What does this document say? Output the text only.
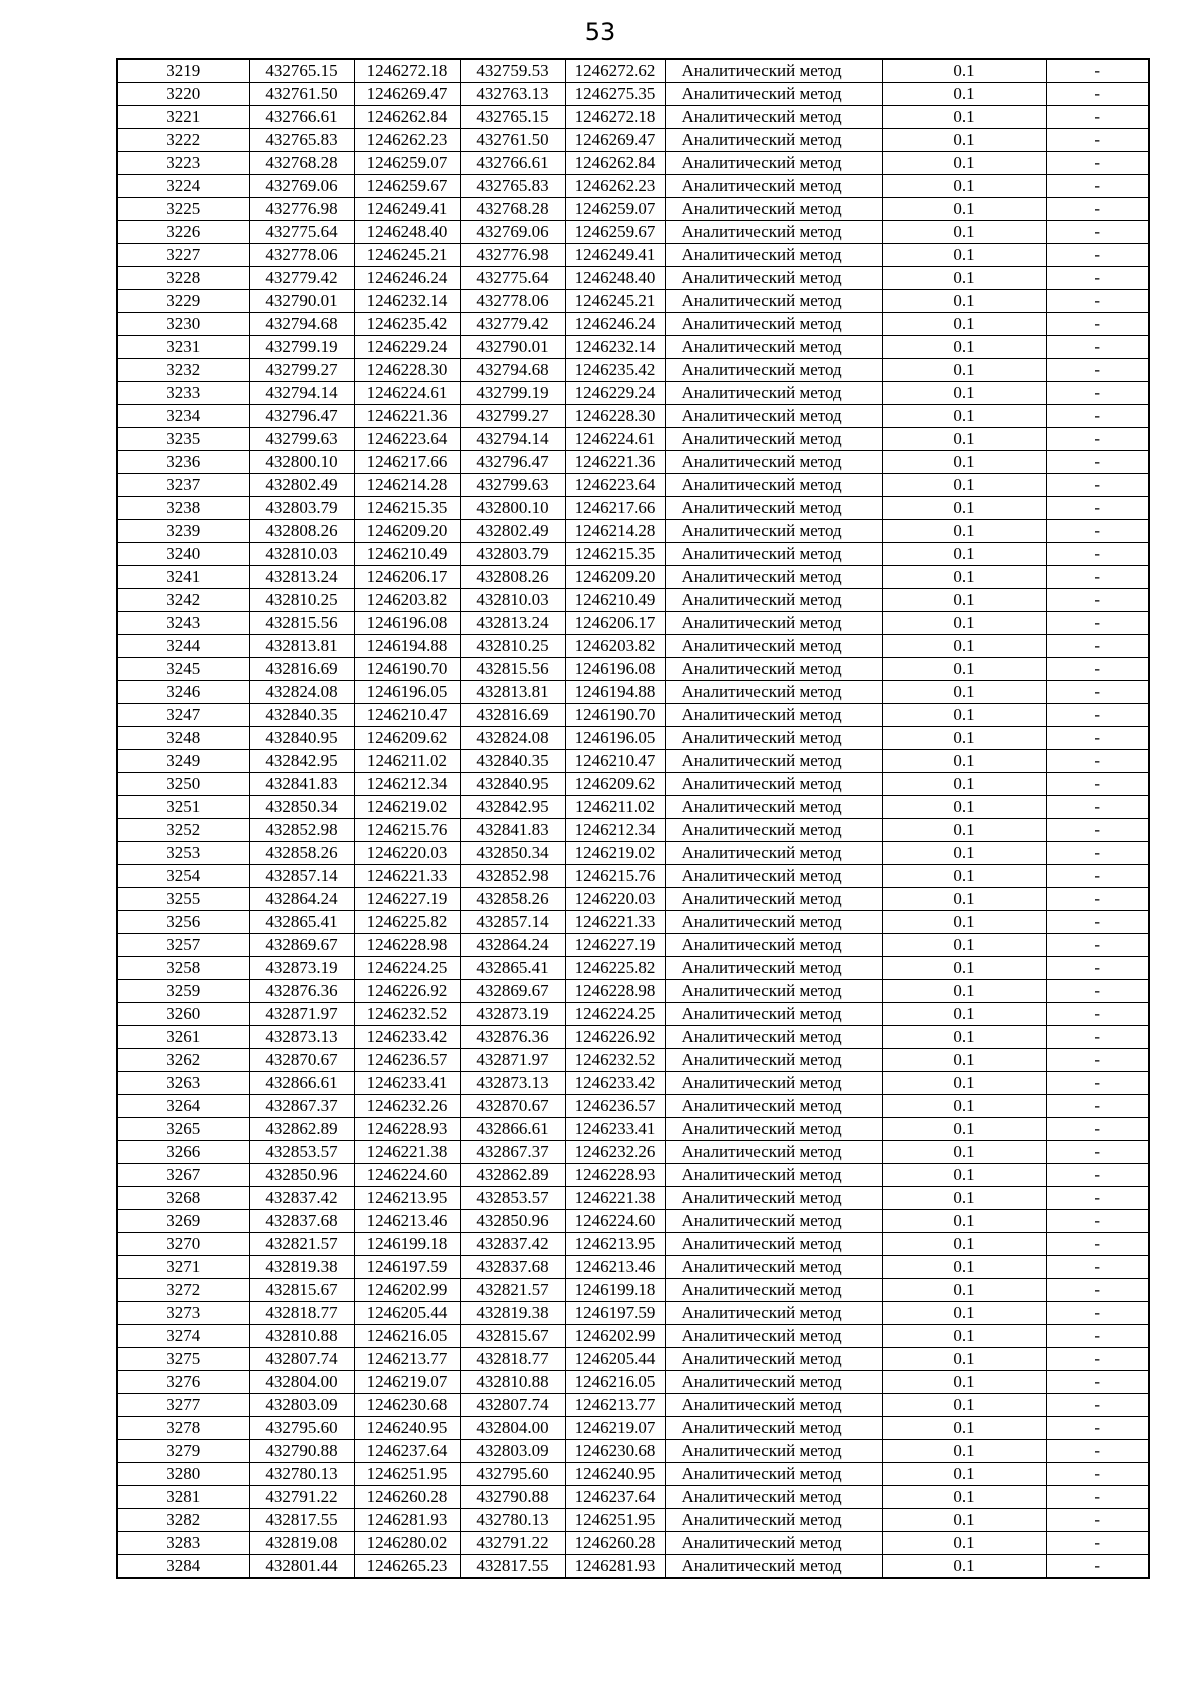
53
3219	432765.15	1246272.18	432759.53	1246272.62	Аналитический метод	0.1	-
3220	432761.50	1246269.47	432763.13	1246275.35	Аналитический метод	0.1	-
3221	432766.61	1246262.84	432765.15	1246272.18	Аналитический метод	0.1	-
3222	432765.83	1246262.23	432761.50	1246269.47	Аналитический метод	0.1	-
3223	432768.28	1246259.07	432766.61	1246262.84	Аналитический метод	0.1	-
3224	432769.06	1246259.67	432765.83	1246262.23	Аналитический метод	0.1	-
3225	432776.98	1246249.41	432768.28	1246259.07	Аналитический метод	0.1	-
3226	432775.64	1246248.40	432769.06	1246259.67	Аналитический метод	0.1	-
3227	432778.06	1246245.21	432776.98	1246249.41	Аналитический метод	0.1	-
3228	432779.42	1246246.24	432775.64	1246248.40	Аналитический метод	0.1	-
3229	432790.01	1246232.14	432778.06	1246245.21	Аналитический метод	0.1	-
3230	432794.68	1246235.42	432779.42	1246246.24	Аналитический метод	0.1	-
3231	432799.19	1246229.24	432790.01	1246232.14	Аналитический метод	0.1	-
3232	432799.27	1246228.30	432794.68	1246235.42	Аналитический метод	0.1	-
3233	432794.14	1246224.61	432799.19	1246229.24	Аналитический метод	0.1	-
3234	432796.47	1246221.36	432799.27	1246228.30	Аналитический метод	0.1	-
3235	432799.63	1246223.64	432794.14	1246224.61	Аналитический метод	0.1	-
3236	432800.10	1246217.66	432796.47	1246221.36	Аналитический метод	0.1	-
3237	432802.49	1246214.28	432799.63	1246223.64	Аналитический метод	0.1	-
3238	432803.79	1246215.35	432800.10	1246217.66	Аналитический метод	0.1	-
3239	432808.26	1246209.20	432802.49	1246214.28	Аналитический метод	0.1	-
3240	432810.03	1246210.49	432803.79	1246215.35	Аналитический метод	0.1	-
3241	432813.24	1246206.17	432808.26	1246209.20	Аналитический метод	0.1	-
3242	432810.25	1246203.82	432810.03	1246210.49	Аналитический метод	0.1	-
3243	432815.56	1246196.08	432813.24	1246206.17	Аналитический метод	0.1	-
3244	432813.81	1246194.88	432810.25	1246203.82	Аналитический метод	0.1	-
3245	432816.69	1246190.70	432815.56	1246196.08	Аналитический метод	0.1	-
3246	432824.08	1246196.05	432813.81	1246194.88	Аналитический метод	0.1	-
3247	432840.35	1246210.47	432816.69	1246190.70	Аналитический метод	0.1	-
3248	432840.95	1246209.62	432824.08	1246196.05	Аналитический метод	0.1	-
3249	432842.95	1246211.02	432840.35	1246210.47	Аналитический метод	0.1	-
3250	432841.83	1246212.34	432840.95	1246209.62	Аналитический метод	0.1	-
3251	432850.34	1246219.02	432842.95	1246211.02	Аналитический метод	0.1	-
3252	432852.98	1246215.76	432841.83	1246212.34	Аналитический метод	0.1	-
3253	432858.26	1246220.03	432850.34	1246219.02	Аналитический метод	0.1	-
3254	432857.14	1246221.33	432852.98	1246215.76	Аналитический метод	0.1	-
3255	432864.24	1246227.19	432858.26	1246220.03	Аналитический метод	0.1	-
3256	432865.41	1246225.82	432857.14	1246221.33	Аналитический метод	0.1	-
3257	432869.67	1246228.98	432864.24	1246227.19	Аналитический метод	0.1	-
3258	432873.19	1246224.25	432865.41	1246225.82	Аналитический метод	0.1	-
3259	432876.36	1246226.92	432869.67	1246228.98	Аналитический метод	0.1	-
3260	432871.97	1246232.52	432873.19	1246224.25	Аналитический метод	0.1	-
3261	432873.13	1246233.42	432876.36	1246226.92	Аналитический метод	0.1	-
3262	432870.67	1246236.57	432871.97	1246232.52	Аналитический метод	0.1	-
3263	432866.61	1246233.41	432873.13	1246233.42	Аналитический метод	0.1	-
3264	432867.37	1246232.26	432870.67	1246236.57	Аналитический метод	0.1	-
3265	432862.89	1246228.93	432866.61	1246233.41	Аналитический метод	0.1	-
3266	432853.57	1246221.38	432867.37	1246232.26	Аналитический метод	0.1	-
3267	432850.96	1246224.60	432862.89	1246228.93	Аналитический метод	0.1	-
3268	432837.42	1246213.95	432853.57	1246221.38	Аналитический метод	0.1	-
3269	432837.68	1246213.46	432850.96	1246224.60	Аналитический метод	0.1	-
3270	432821.57	1246199.18	432837.42	1246213.95	Аналитический метод	0.1	-
3271	432819.38	1246197.59	432837.68	1246213.46	Аналитический метод	0.1	-
3272	432815.67	1246202.99	432821.57	1246199.18	Аналитический метод	0.1	-
3273	432818.77	1246205.44	432819.38	1246197.59	Аналитический метод	0.1	-
3274	432810.88	1246216.05	432815.67	1246202.99	Аналитический метод	0.1	-
3275	432807.74	1246213.77	432818.77	1246205.44	Аналитический метод	0.1	-
3276	432804.00	1246219.07	432810.88	1246216.05	Аналитический метод	0.1	-
3277	432803.09	1246230.68	432807.74	1246213.77	Аналитический метод	0.1	-
3278	432795.60	1246240.95	432804.00	1246219.07	Аналитический метод	0.1	-
3279	432790.88	1246237.64	432803.09	1246230.68	Аналитический метод	0.1	-
3280	432780.13	1246251.95	432795.60	1246240.95	Аналитический метод	0.1	-
3281	432791.22	1246260.28	432790.88	1246237.64	Аналитический метод	0.1	-
3282	432817.55	1246281.93	432780.13	1246251.95	Аналитический метод	0.1	-
3283	432819.08	1246280.02	432791.22	1246260.28	Аналитический метод	0.1	-
3284	432801.44	1246265.23	432817.55	1246281.93	Аналитический метод	0.1	-
